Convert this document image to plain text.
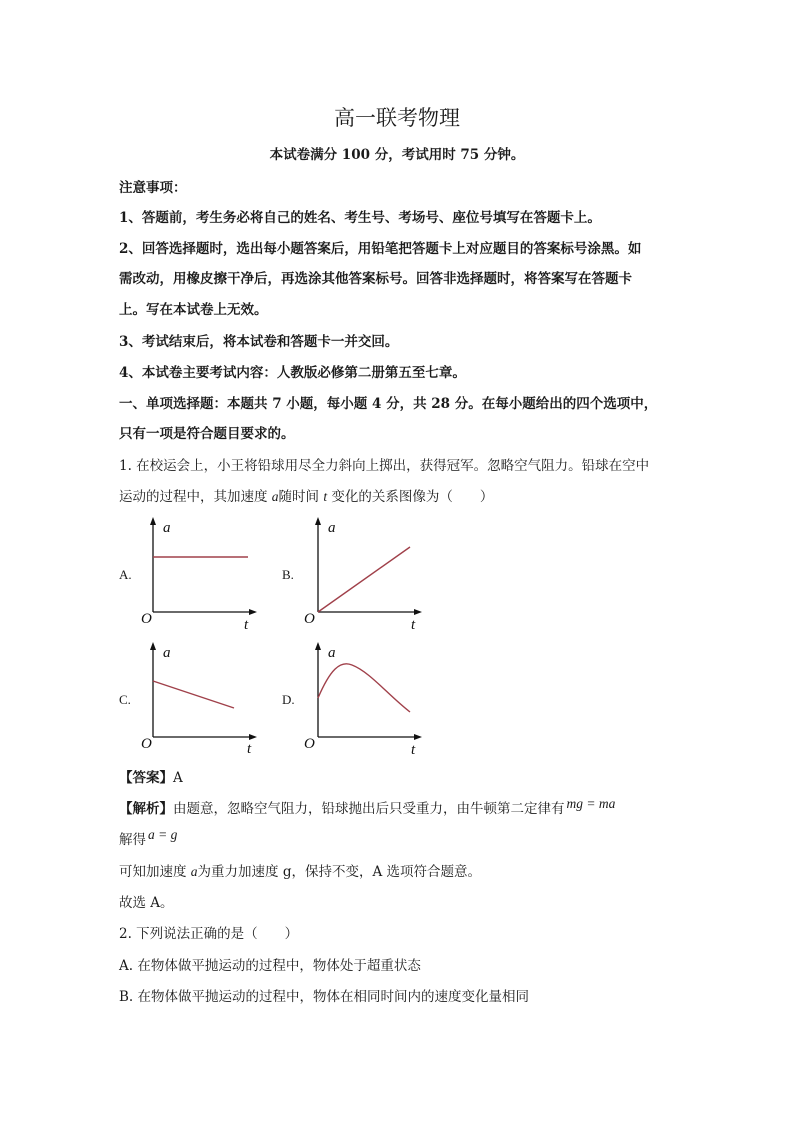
高一联考物理
本试卷满分 100 分，考试用时 75 分钟。
注意事项：
1、答题前，考生务必将自己的姓名、考生号、考场号、座位号填写在答题卡上。
2、回答选择题时，选出每小题答案后，用铅笔把答题卡上对应题目的答案标号涂黑。如
需改动，用橡皮擦干净后，再选涂其他答案标号。回答非选择题时，将答案写在答题卡
上。写在本试卷上无效。
3、考试结束后，将本试卷和答题卡一并交回。
4、本试卷主要考试内容：人教版必修第二册第五至七章。
一、单项选择题：本题共 7 小题，每小题 4 分，共 28 分。在每小题给出的四个选项中，
只有一项是符合题目要求的。
1. 在校运会上，小王将铅球用尽全力斜向上掷出，获得冠军。忽略空气阻力。铅球在空中
运动的过程中，其加速度 a随时间 t 变化的关系图像为（　　）
A.
a
O	t
B.
a
O	t
C.
a
O	t
D.
a
O	t
【答案】A
【解析】由题意，忽略空气阻力，铅球抛出后只受重力，由牛顿第二定律有 mg = ma
解得 a = g
可知加速度 a为重力加速度 g，保持不变，A 选项符合题意。
故选 A。
2. 下列说法正确的是（　　）
A. 在物体做平抛运动的过程中，物体处于超重状态
B. 在物体做平抛运动的过程中，物体在相同时间内的速度变化量相同
